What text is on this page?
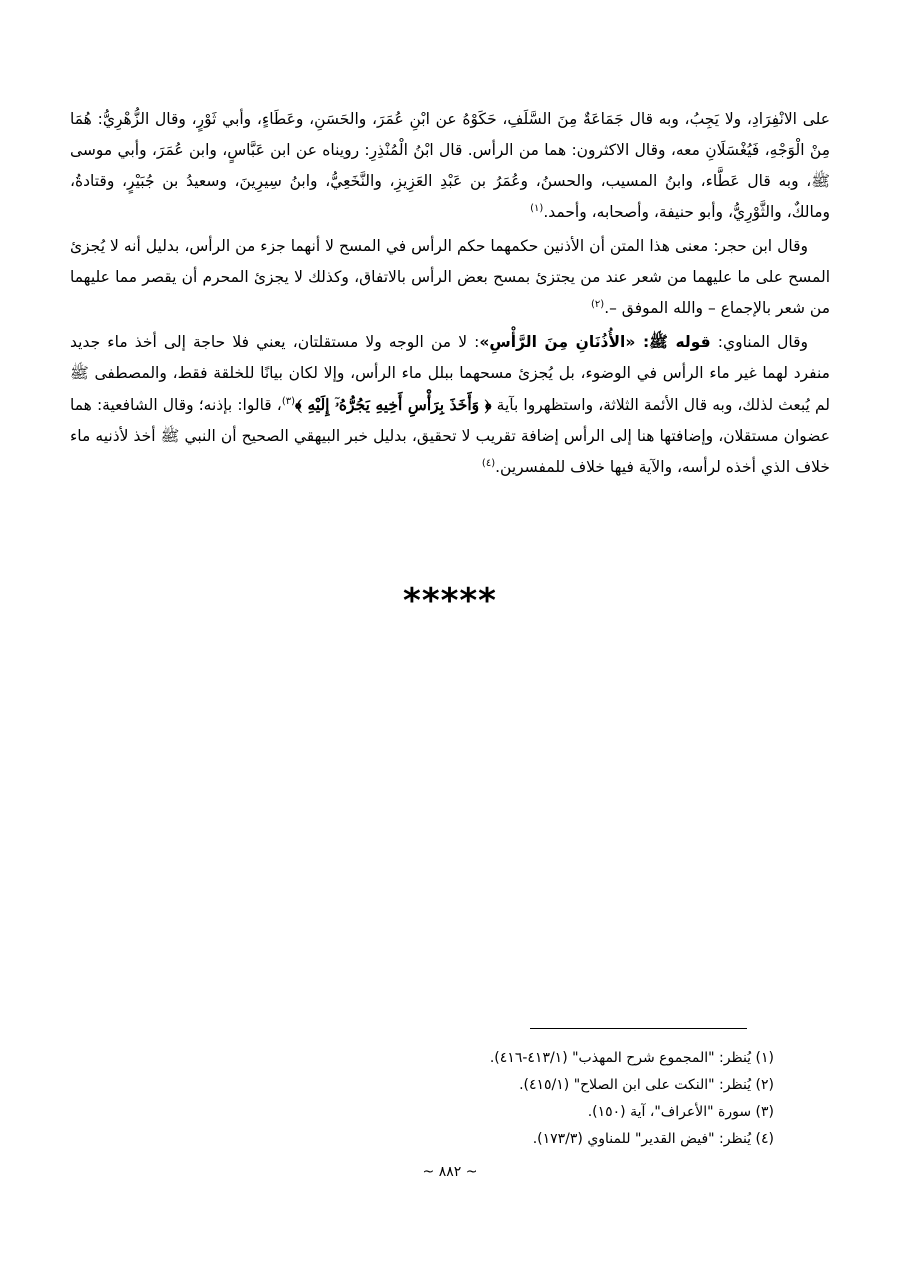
على الانْفِرَادِ، ولا يَجِبُ، وبه قال جَمَاعَةٌ مِنَ السَّلَفِ، حَكَوْهُ عن ابْنِ عُمَرَ، والحَسَنِ، وعَطَاءٍ، وأبي ثَوْرٍ، وقال الزُّهْرِيُّ: هُمَا مِنْ الْوَجْهِ، فَيُغْسَلَانِ معه، وقال الاكثرون: هما من الرأس. قال ابْنُ الْمُنْذِرِ: رويناه عن ابن عَبَّاسٍ، وابن عُمَرَ، وأبي موسى ﷺ، وبه قال عَطَّاء، وابنُ المسيب، والحسنُ، وعُمَرُ بن عَبْدِ العَزِيزِ، والنَّخَعِيُّ، وابنُ سِيرِينَ، وسعيدُ بن جُبَيْرٍ، وقتادةُ، ومالكٌ، والثَّوْرِيُّ، وأبو حنيفة، وأصحابه، وأحمد.$^{(١)}$

وقال ابن حجر: معنى هذا المتن أن الأذنين حكمهما حكم الرأس في المسح لا أنهما جزء من الرأس، بدليل أنه لا يُجزئ المسح على ما عليهما من شعر عند من يجتزئ بمسح بعض الرأس بالاتفاق، وكذلك لا يجزئ المحرم أن يقصر مما عليهما من شعر بالإجماع – والله الموفق –.$^{(٢)}$

وقال المناوي: قوله ﷺ: «الأُذُنَانِ مِنَ الرَّأْسِ»: لا من الوجه ولا مستقلتان، يعني فلا حاجة إلى أخذ ماء جديد منفرد لهما غير ماء الرأس في الوضوء، بل يُجزئ مسحهما ببلل ماء الرأس، وإلا لكان بيانًا للخلقة فقط، والمصطفى ﷺ لم يُبعث لذلك، وبه قال الأئمة الثلاثة، واستظهروا بآية ﴿ وَأَخَذَ بِرَأْسِ أَخِيهِ يَجُرُّهُۥٓ إِلَيْهِ ﴾$^{(٣)}$، قالوا: بإذنه؛ وقال الشافعية: هما عضوان مستقلان، وإضافتها هنا إلى الرأس إضافة تقريب لا تحقيق، بدليل خبر البيهقي الصحيح أن النبي ﷺ أخذ لأذنيه ماء خلاف الذي أخذه لرأسه، والآية فيها خلاف للمفسرين.$^{(٤)}$

*****
(١) يُنظر: "المجموع شرح المهذب" (٤١٣/١-٤١٦).
(٢) يُنظر: "النكت على ابن الصلاح" (٤١٥/١).
(٣) سورة "الأعراف"، آية (١٥٠).
(٤) يُنظر: "فيض القدير" للمناوي (١٧٣/٣).
~ ٨٨٢ ~
